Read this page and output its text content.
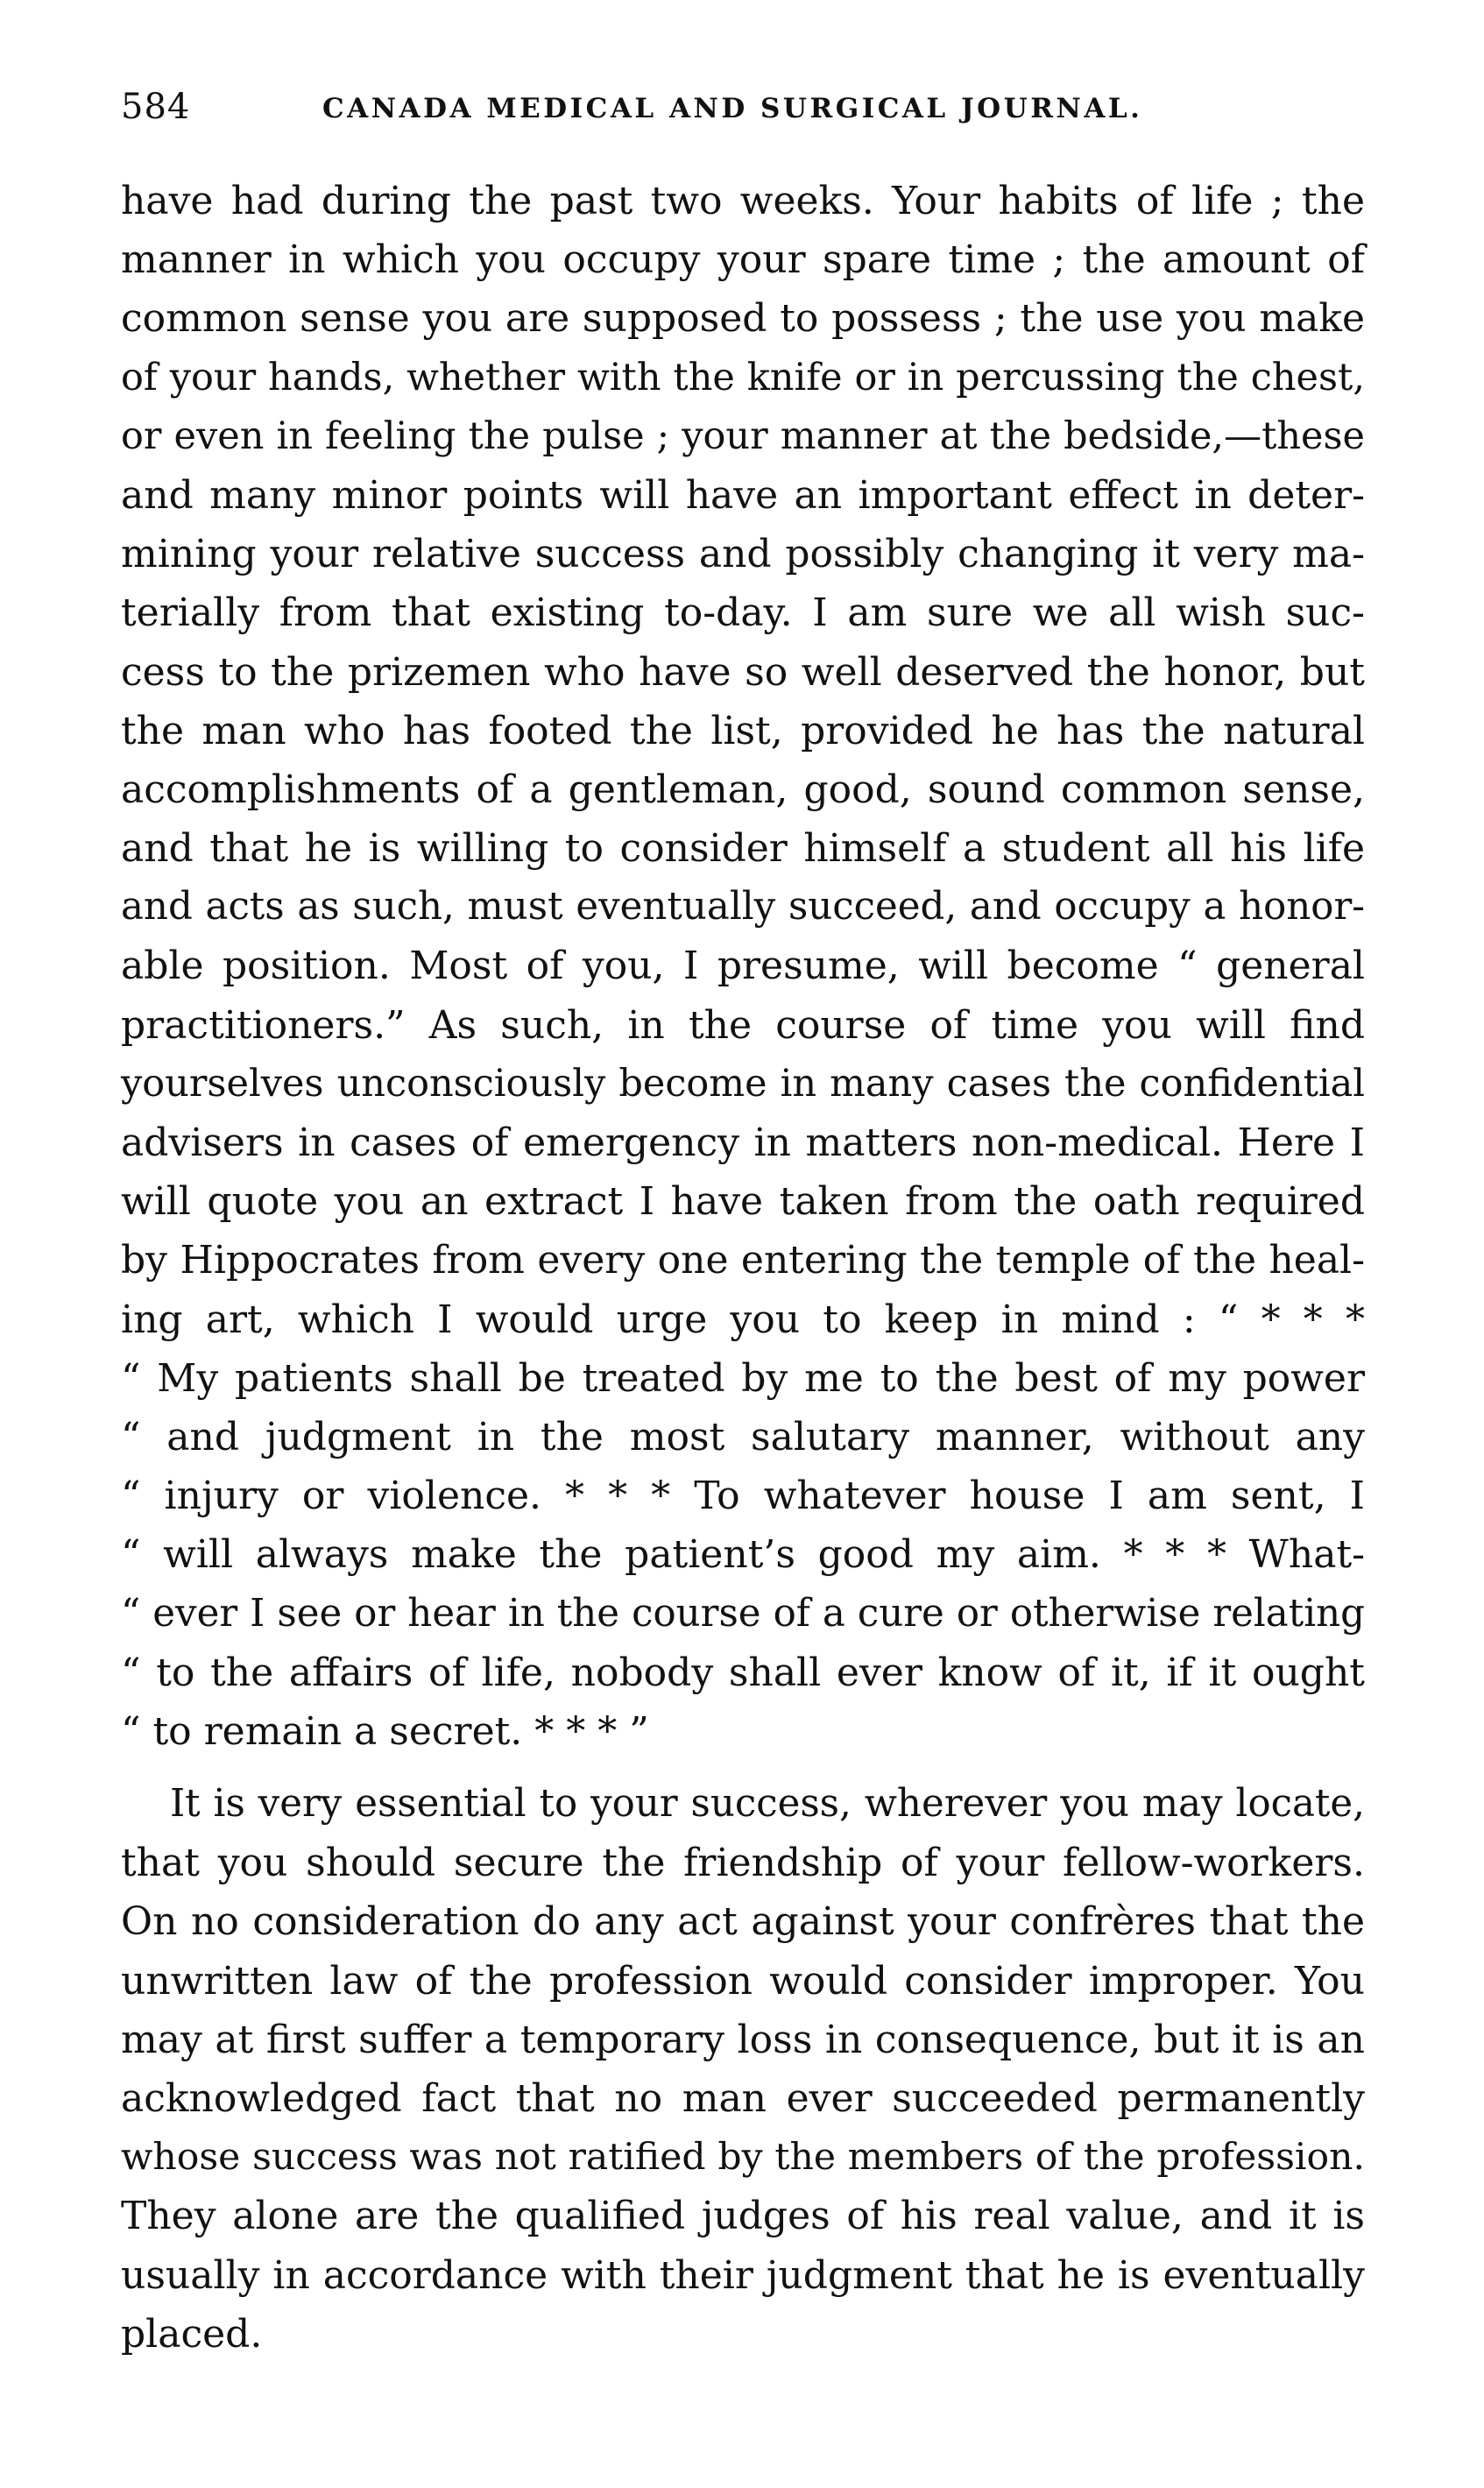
584	CANADA MEDICAL AND SURGICAL JOURNAL.
have had during the past two weeks. Your habits of life ; the
manner in which you occupy your spare time ; the amount of
common sense you are supposed to possess ; the use you make
of your hands, whether with the knife or in percussing the chest,
or even in feeling the pulse ; your manner at the bedside,—these
and many minor points will have an important effect in deter-
mining your relative success and possibly changing it very ma-
terially from that existing to-day. I am sure we all wish suc-
cess to the prizemen who have so well deserved the honor, but
the man who has footed the list, provided he has the natural
accomplishments of a gentleman, good, sound common sense,
and that he is willing to consider himself a student all his life
and acts as such, must eventually succeed, and occupy a honor-
able position. Most of you, I presume, will become “ general
practitioners.” As such, in the course of time you will find
yourselves unconsciously become in many cases the confidential
advisers in cases of emergency in matters non-medical. Here I
will quote you an extract I have taken from the oath required
by Hippocrates from every one entering the temple of the heal-
ing art, which I would urge you to keep in mind : “ * * *
“ My patients shall be treated by me to the best of my power
“ and judgment in the most salutary manner, without any
“ injury or violence. * * * To whatever house I am sent, I
“ will always make the patient’s good my aim. * * * What-
“ ever I see or hear in the course of a cure or otherwise relating
“ to the affairs of life, nobody shall ever know of it, if it ought
“ to remain a secret. * * * ”
It is very essential to your success, wherever you may locate,
that you should secure the friendship of your fellow-workers.
On no consideration do any act against your confrères that the
unwritten law of the profession would consider improper. You
may at first suffer a temporary loss in consequence, but it is an
acknowledged fact that no man ever succeeded permanently
whose success was not ratified by the members of the profession.
They alone are the qualified judges of his real value, and it is
usually in accordance with their judgment that he is eventually
placed.
